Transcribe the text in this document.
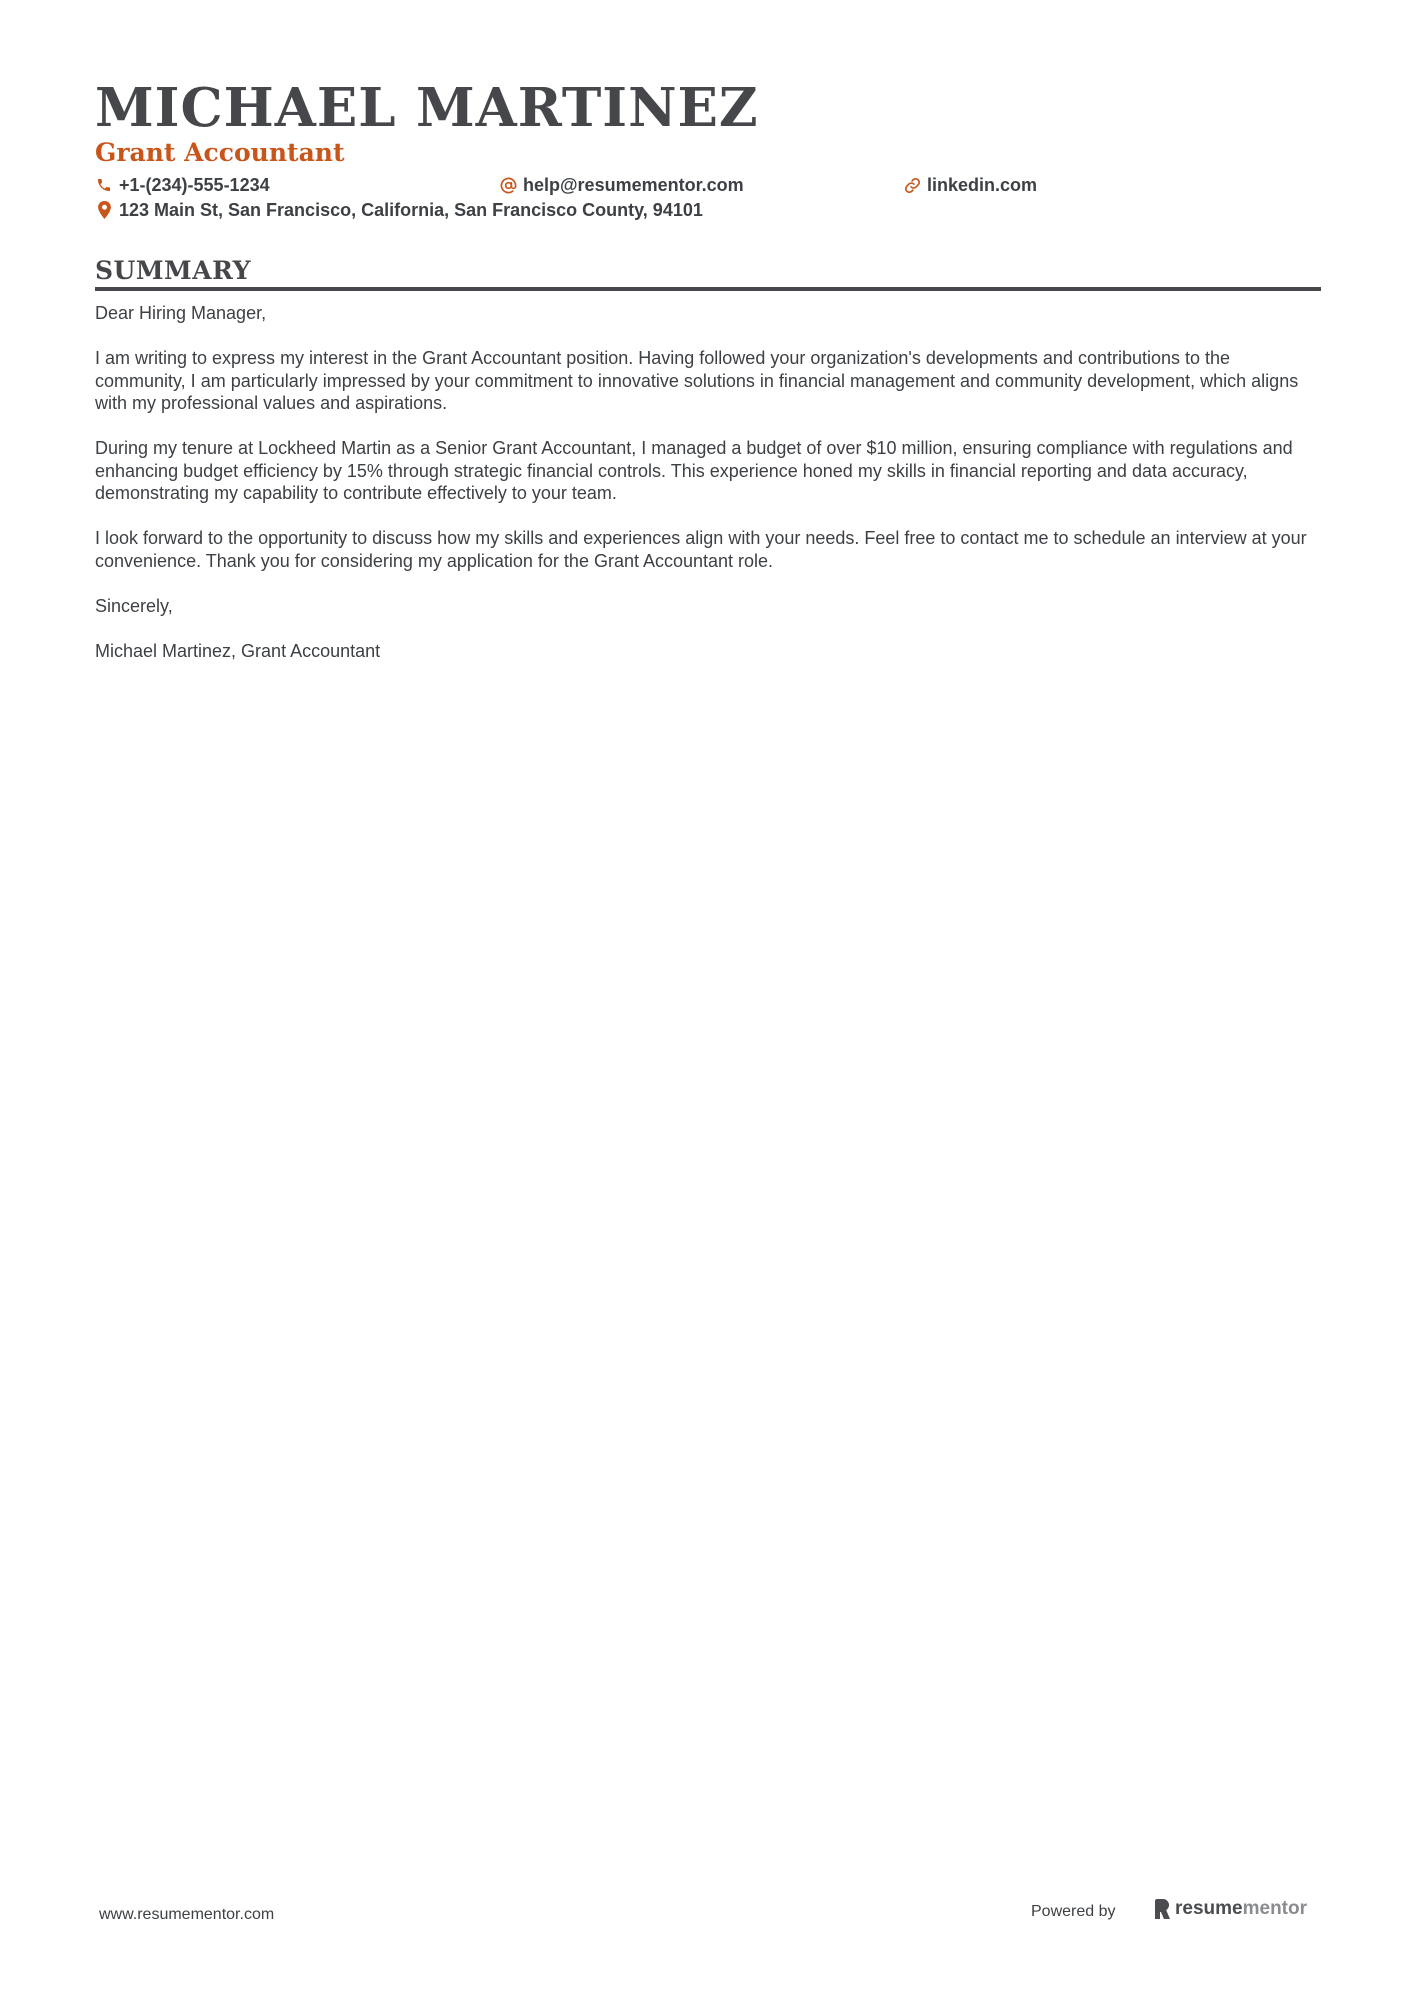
MICHAEL MARTINEZ
Grant Accountant
+1-(234)-555-1234	help@resumementor.com	linkedin.com
123 Main St, San Francisco, California, San Francisco County, 94101
SUMMARY

Dear Hiring Manager,

I am writing to express my interest in the Grant Accountant position. Having followed your organization's developments and contributions to the community, I am particularly impressed by your commitment to innovative solutions in financial management and community development, which aligns with my professional values and aspirations.

During my tenure at Lockheed Martin as a Senior Grant Accountant, I managed a budget of over $10 million, ensuring compliance with regulations and enhancing budget efficiency by 15% through strategic financial controls. This experience honed my skills in financial reporting and data accuracy, demonstrating my capability to contribute effectively to your team.

I look forward to the opportunity to discuss how my skills and experiences align with your needs. Feel free to contact me to schedule an interview at your convenience. Thank you for considering my application for the Grant Accountant role.

Sincerely,

Michael Martinez, Grant Accountant

www.resumementor.com	Powered by	resume mentor
